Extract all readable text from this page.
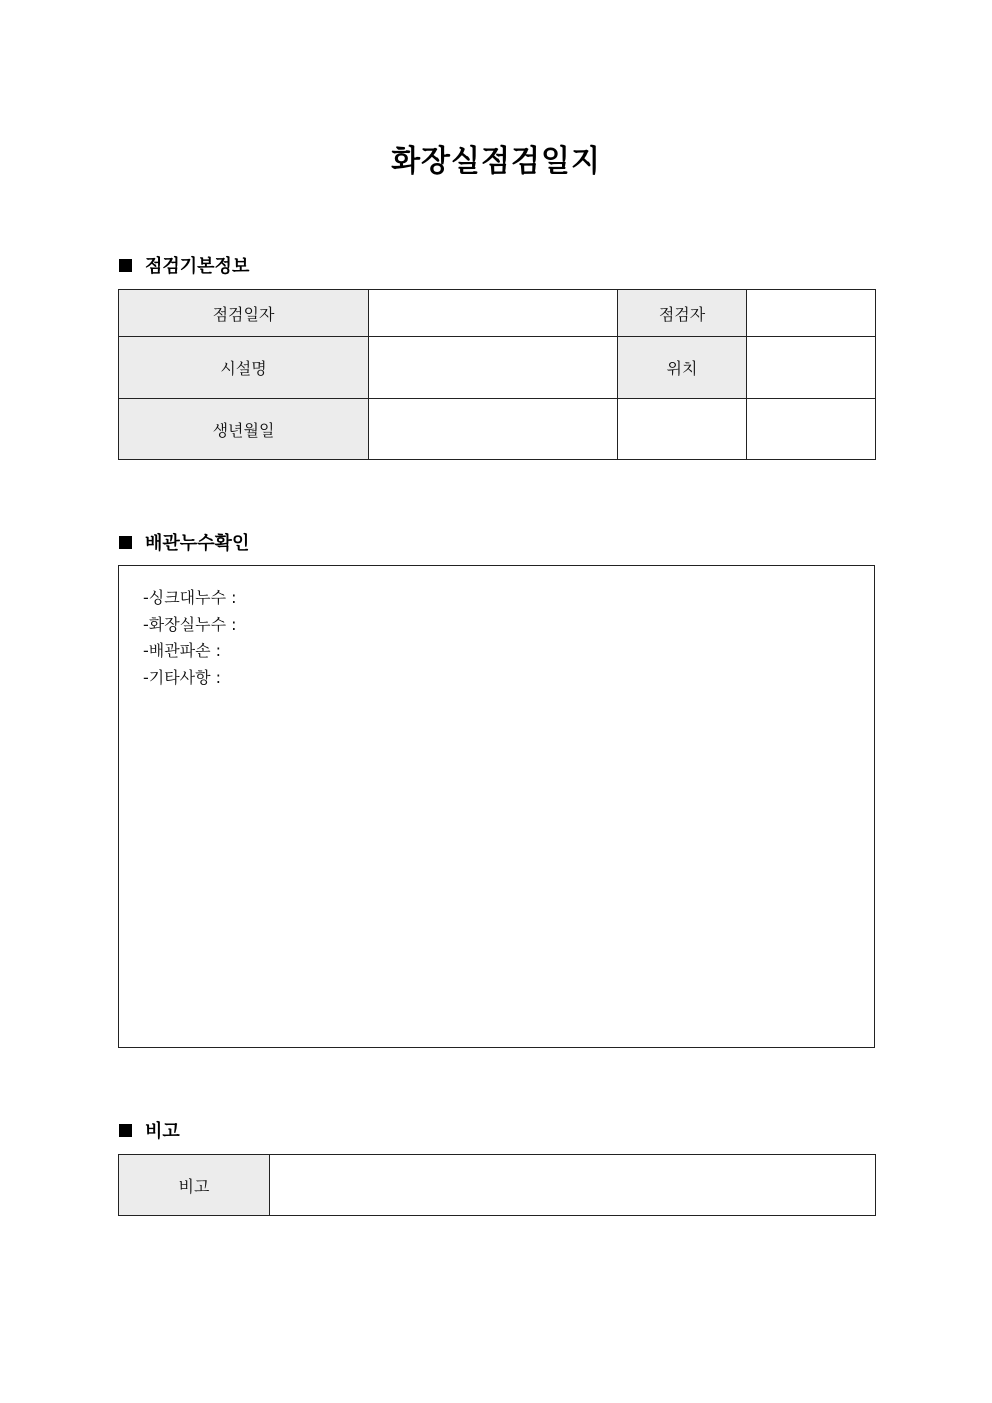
화장실점검일지
점검기본정보
점검일자		점검자	
시설명		위치	
생년월일			
배관누수확인
-싱크대누수 :
-화장실누수 :
-배관파손 :
-기타사항 :
비고
비고	
